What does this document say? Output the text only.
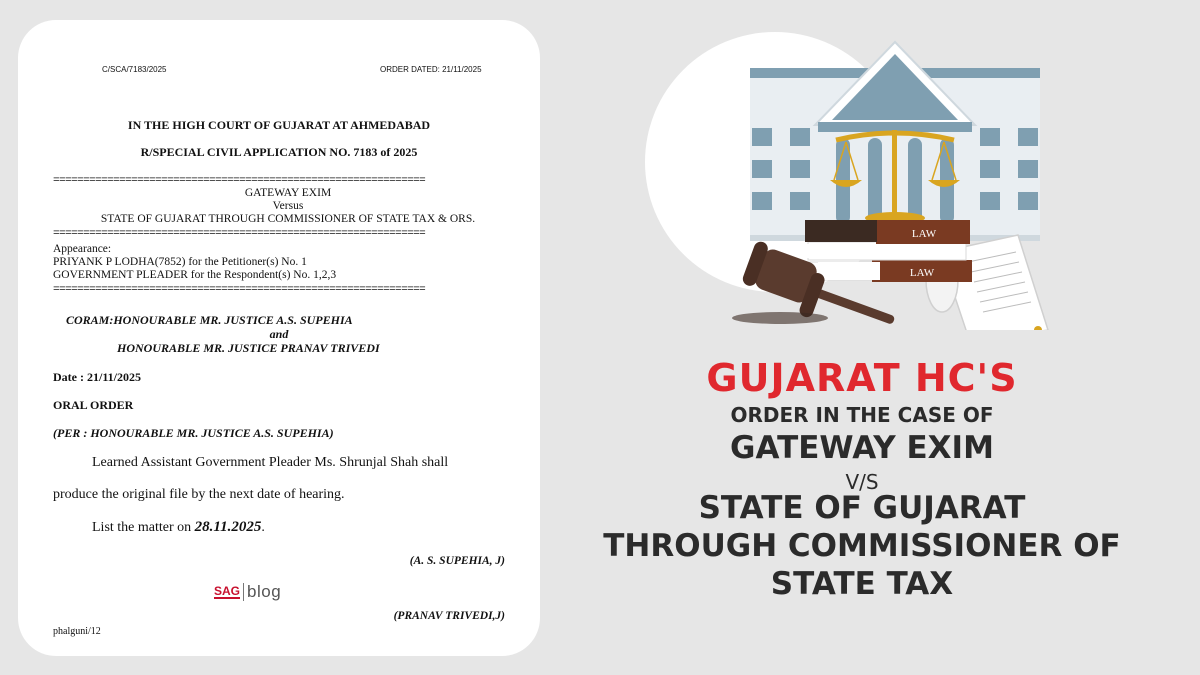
C/SCA/7183/2025	ORDER DATED: 21/11/2025
IN THE HIGH COURT OF GUJARAT AT AHMEDABAD
R/SPECIAL CIVIL APPLICATION NO. 7183 of 2025
==============================================================
GATEWAY EXIM
Versus
STATE OF GUJARAT THROUGH COMMISSIONER OF STATE TAX & ORS.
==============================================================
Appearance:
PRIYANK P LODHA(7852) for the Petitioner(s) No. 1
GOVERNMENT PLEADER for the Respondent(s) No. 1,2,3
==============================================================
CORAM:HONOURABLE MR. JUSTICE A.S. SUPEHIA
and
HONOURABLE MR. JUSTICE PRANAV TRIVEDI
Date : 21/11/2025
ORAL ORDER
(PER : HONOURABLE MR. JUSTICE A.S. SUPEHIA)
Learned Assistant Government Pleader Ms. Shrunjal Shah shall
produce the original file by the next date of hearing.
List the matter on 28.11.2025.
(A. S. SUPEHIA, J)
(PRANAV TRIVEDI,J)
phalguni/12
SAG blog
LAW
LAW
GUJARAT HC'S
ORDER IN THE CASE OF
GATEWAY EXIM
V/S
STATE OF GUJARAT
THROUGH COMMISSIONER OF
STATE TAX
